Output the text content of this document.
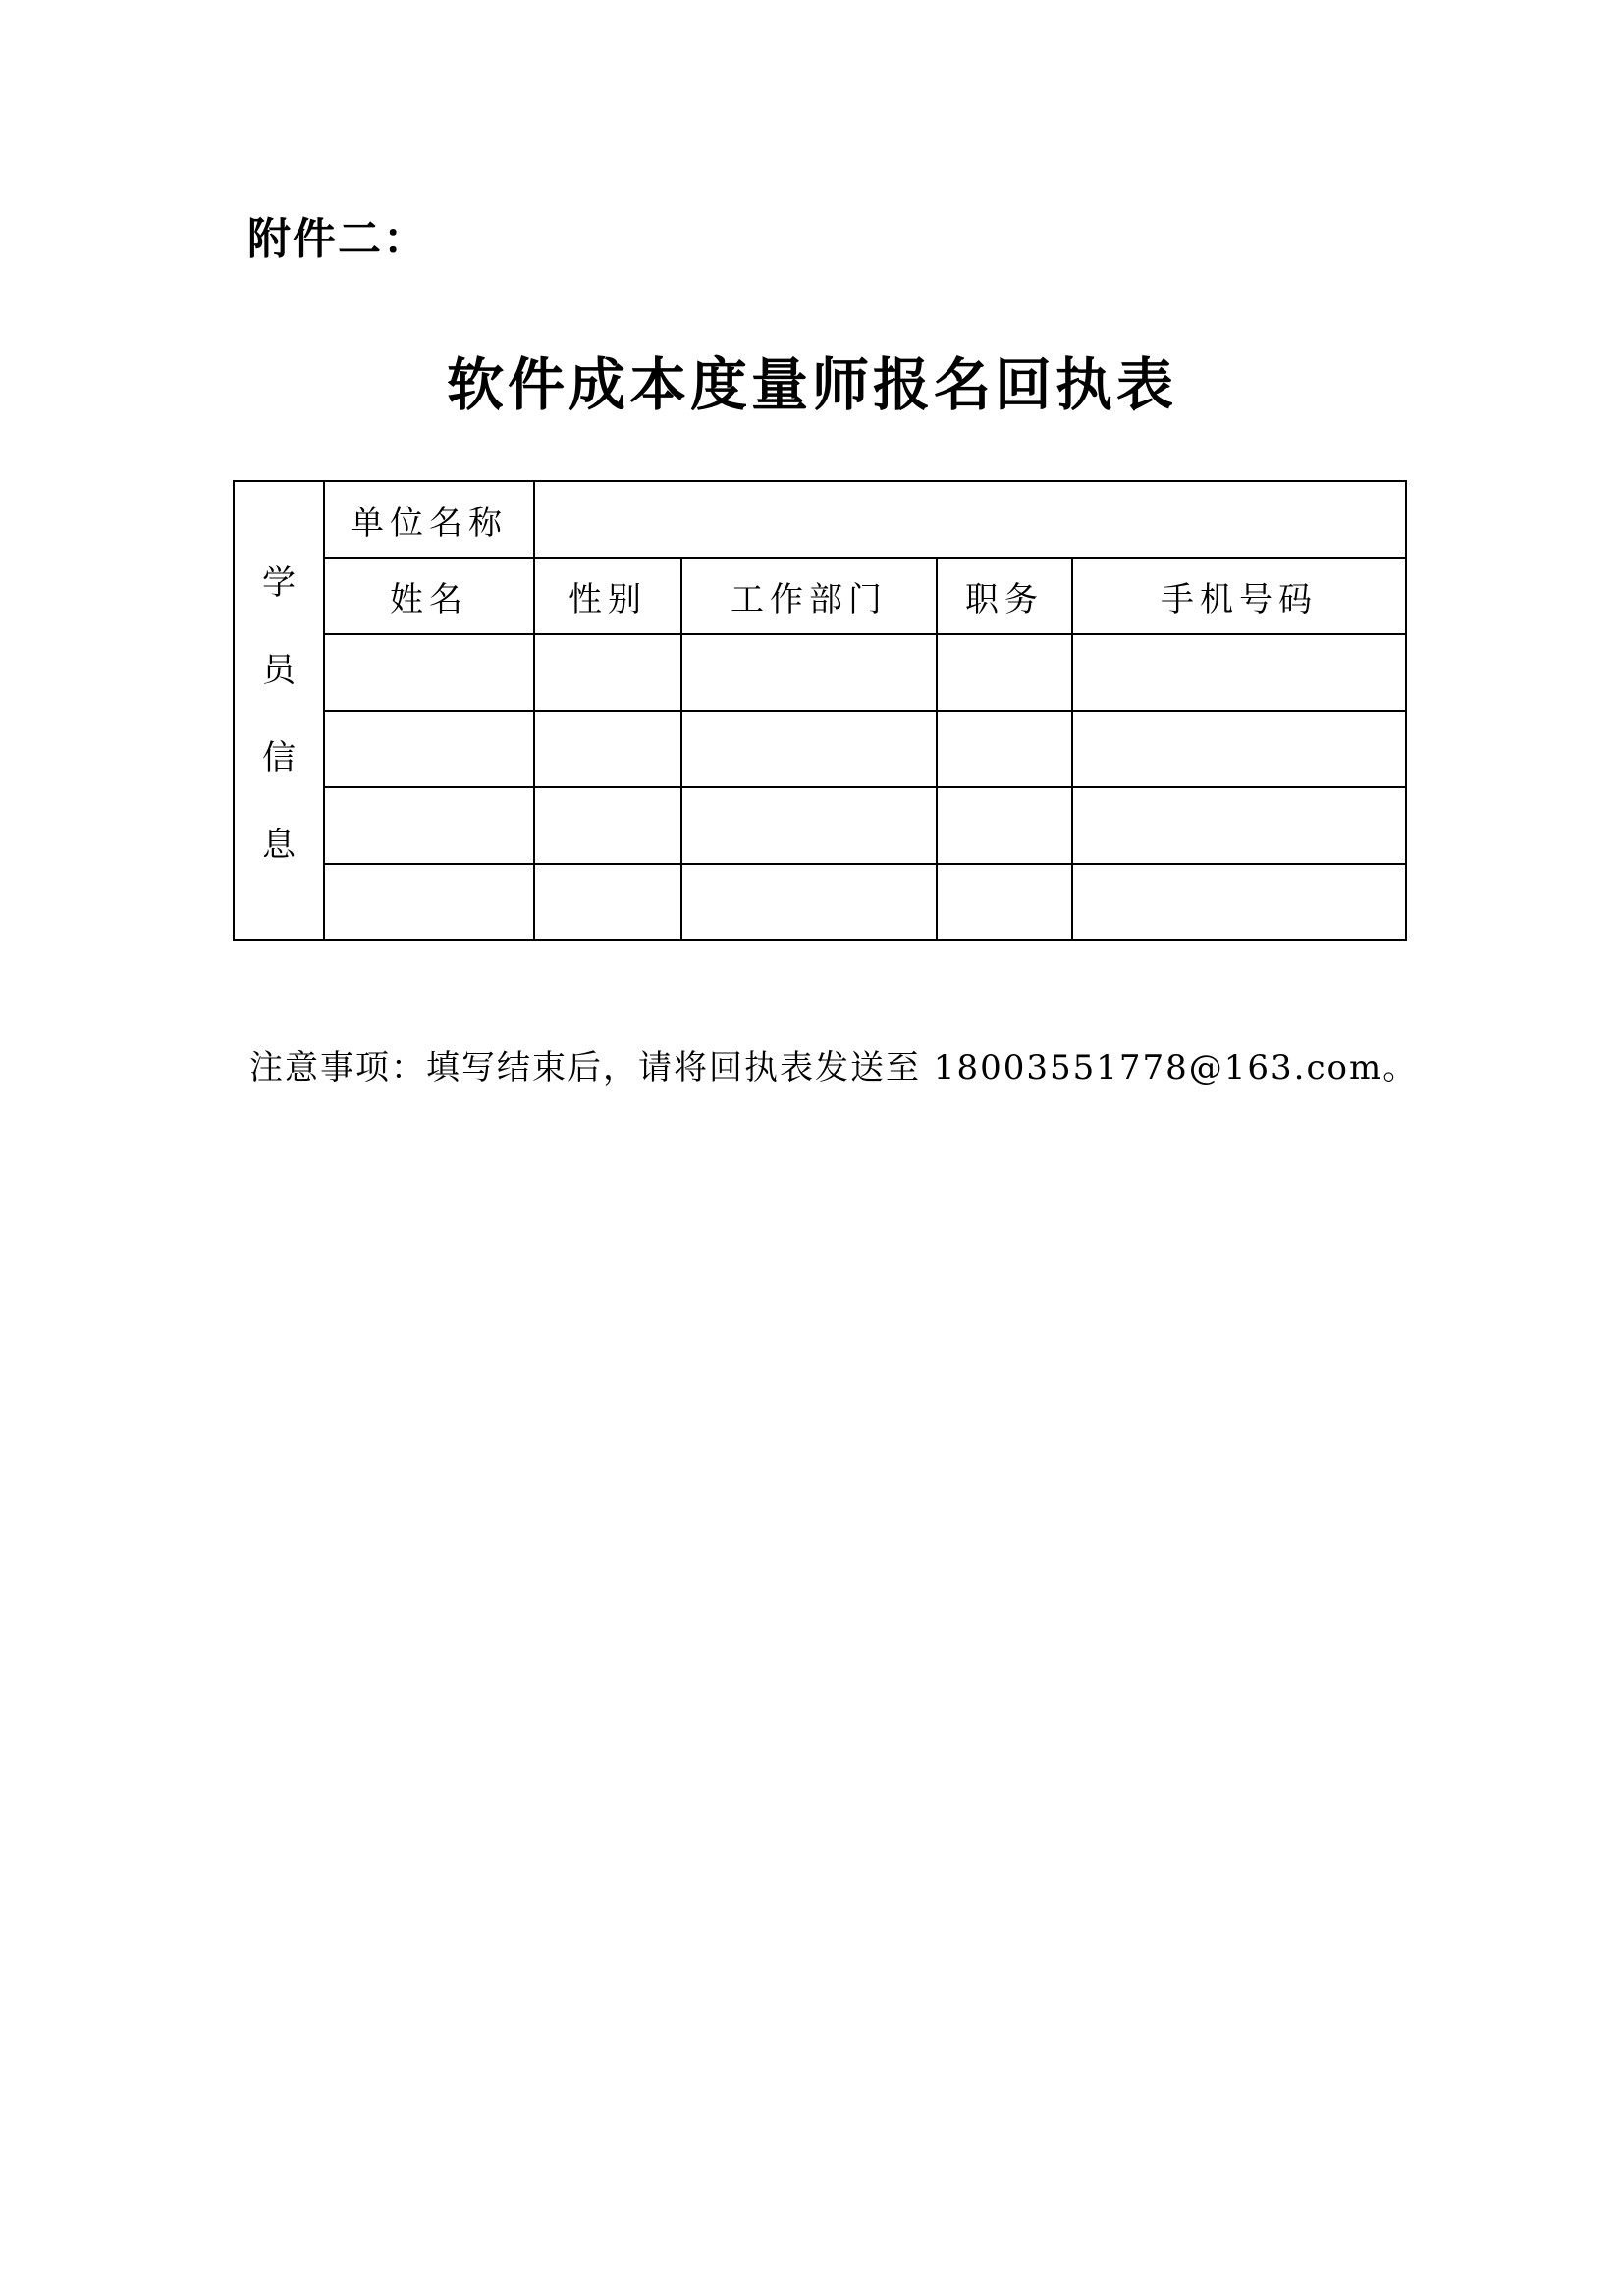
附件二：
软件成本度量师报名回执表
学
员
信
息	单位名称				
	姓名	性别	工作部门	职务	手机号码

注意事项：填写结束后，请将回执表发送至 18003551778@163.com。
